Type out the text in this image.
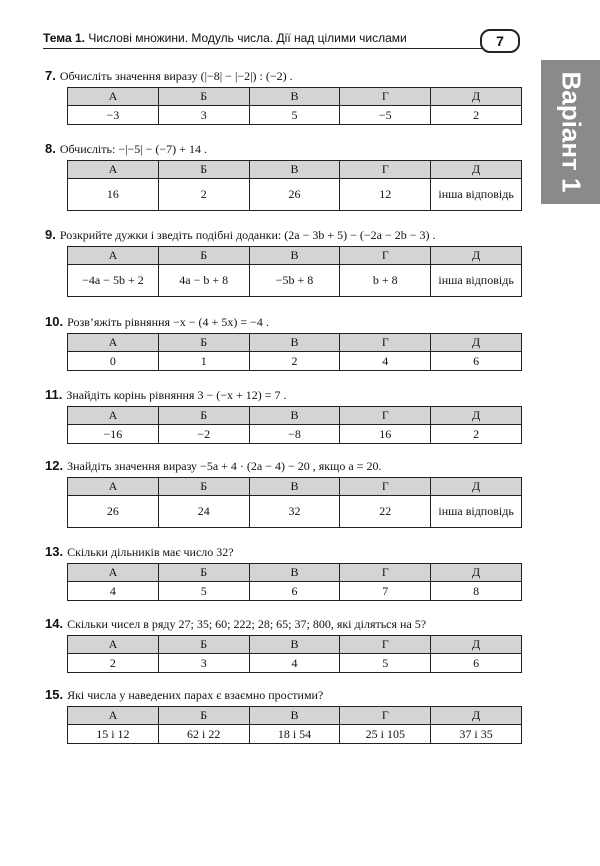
Тема 1. Числові множини. Модуль числа. Дії над цілими числами	7
Варіант 1
7. Обчисліть значення виразу (|−8| − |−2|) : (−2) .
А	Б	В	Г	Д
−3	3	5	−5	2
8. Обчисліть: −|−5| − (−7) + 14 .
А	Б	В	Г	Д
16	2	26	12	інша відповідь
9. Розкрийте дужки і зведіть подібні доданки: (2a − 3b + 5) − (−2a − 2b − 3) .
А	Б	В	Г	Д
−4a − 5b + 2	4a − b + 8	−5b + 8	b + 8	інша відповідь
10. Розв’яжіть рівняння −x − (4 + 5x) = −4 .
А	Б	В	Г	Д
0	1	2	4	6
11. Знайдіть корінь рівняння 3 − (−x + 12) = 7 .
А	Б	В	Г	Д
−16	−2	−8	16	2
12. Знайдіть значення виразу −5a + 4 · (2a − 4) − 20 , якщо a = 20.
А	Б	В	Г	Д
26	24	32	22	інша відповідь
13. Скільки дільників має число 32?
А	Б	В	Г	Д
4	5	6	7	8
14. Скільки чисел в ряду 27; 35; 60; 222; 28; 65; 37; 800, які діляться на 5?
А	Б	В	Г	Д
2	3	4	5	6
15. Які числа у наведених парах є взаємно простими?
А	Б	В	Г	Д
15 і 12	62 і 22	18 і 54	25 і 105	37 і 35
